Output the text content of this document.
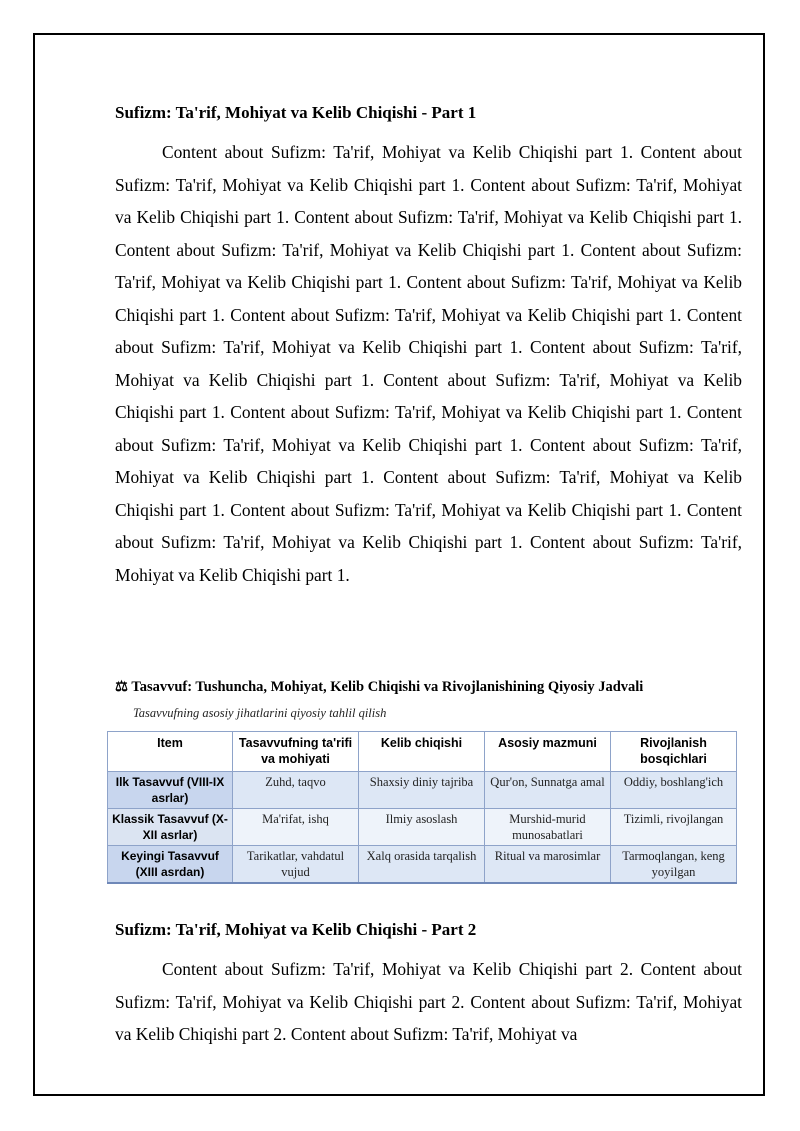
Sufizm: Ta'rif, Mohiyat va Kelib Chiqishi - Part 1

Content about Sufizm: Ta'rif, Mohiyat va Kelib Chiqishi part 1. Content about Sufizm: Ta'rif, Mohiyat va Kelib Chiqishi part 1. Content about Sufizm: Ta'rif, Mohiyat va Kelib Chiqishi part 1. Content about Sufizm: Ta'rif, Mohiyat va Kelib Chiqishi part 1. Content about Sufizm: Ta'rif, Mohiyat va Kelib Chiqishi part 1. Content about Sufizm: Ta'rif, Mohiyat va Kelib Chiqishi part 1. Content about Sufizm: Ta'rif, Mohiyat va Kelib Chiqishi part 1. Content about Sufizm: Ta'rif, Mohiyat va Kelib Chiqishi part 1. Content about Sufizm: Ta'rif, Mohiyat va Kelib Chiqishi part 1. Content about Sufizm: Ta'rif, Mohiyat va Kelib Chiqishi part 1. Content about Sufizm: Ta'rif, Mohiyat va Kelib Chiqishi part 1. Content about Sufizm: Ta'rif, Mohiyat va Kelib Chiqishi part 1. Content about Sufizm: Ta'rif, Mohiyat va Kelib Chiqishi part 1. Content about Sufizm: Ta'rif, Mohiyat va Kelib Chiqishi part 1. Content about Sufizm: Ta'rif, Mohiyat va Kelib Chiqishi part 1. Content about Sufizm: Ta'rif, Mohiyat va Kelib Chiqishi part 1. Content about Sufizm: Ta'rif, Mohiyat va Kelib Chiqishi part 1. Content about Sufizm: Ta'rif, Mohiyat va Kelib Chiqishi part 1.

⚖ Tasavvuf: Tushuncha, Mohiyat, Kelib Chiqishi va Rivojlanishining Qiyosiy Jadvali
Tasavvufning asosiy jihatlarini qiyosiy tahlil qilish
Item	Tasavvufning ta'rifi va mohiyati	Kelib chiqishi	Asosiy mazmuni	Rivojlanish bosqichlari
Ilk Tasavvuf (VIII-IX asrlar)	Zuhd, taqvo	Shaxsiy diniy tajriba	Qur'on, Sunnatga amal	Oddiy, boshlang'ich
Klassik Tasavvuf (X-XII asrlar)	Ma'rifat, ishq	Ilmiy asoslash	Murshid-murid munosabatlari	Tizimli, rivojlangan
Keyingi Tasavvuf (XIII asrdan)	Tarikatlar, vahdatul vujud	Xalq orasida tarqalish	Ritual va marosimlar	Tarmoqlangan, keng yoyilgan
Sufizm: Ta'rif, Mohiyat va Kelib Chiqishi - Part 2

Content about Sufizm: Ta'rif, Mohiyat va Kelib Chiqishi part 2. Content about Sufizm: Ta'rif, Mohiyat va Kelib Chiqishi part 2. Content about Sufizm: Ta'rif, Mohiyat va Kelib Chiqishi part 2. Content about Sufizm: Ta'rif, Mohiyat va
